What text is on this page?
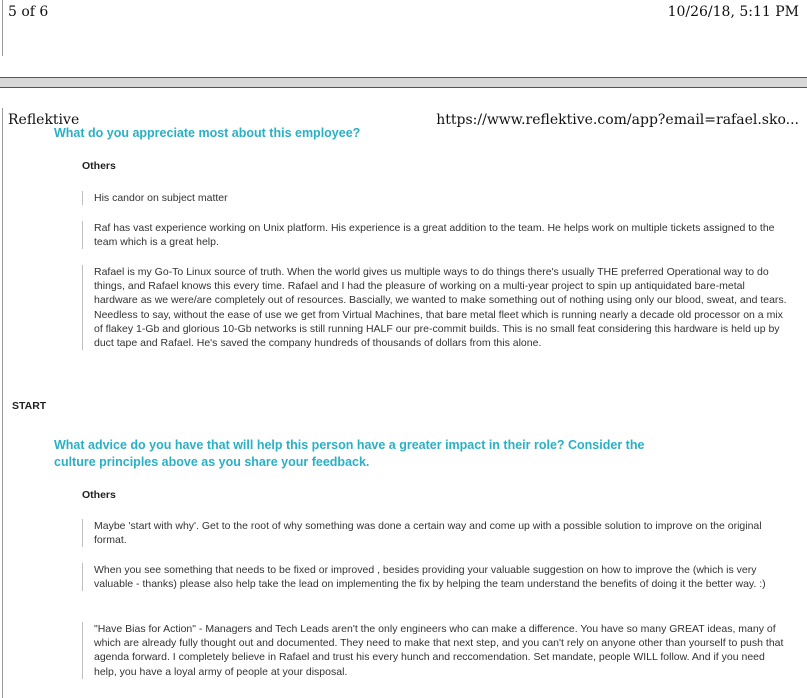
5 of 6	10/26/18, 5:11 PM
Reflektive	https://www.reflektive.com/app?email=rafael.sko...
What do you appreciate most about this employee?
Others
His candor on subject matter
Raf has vast experience working on Unix platform. His experience is a great addition to the team. He helps work on multiple tickets assigned to the team which is a great help.
Rafael is my Go-To Linux source of truth. When the world gives us multiple ways to do things there's usually THE preferred Operational way to do things, and Rafael knows this every time. Rafael and I had the pleasure of working on a multi-year project to spin up antiquidated bare-metal hardware as we were/are completely out of resources. Bascially, we wanted to make something out of nothing using only our blood, sweat, and tears. Needless to say, without the ease of use we get from Virtual Machines, that bare metal fleet which is running nearly a decade old processor on a mix of flakey 1-Gb and glorious 10-Gb networks is still running HALF our pre-commit builds. This is no small feat considering this hardware is held up by duct tape and Rafael. He's saved the company hundreds of thousands of dollars from this alone.
START
What advice do you have that will help this person have a greater impact in their role? Consider the culture principles above as you share your feedback.
Others
Maybe 'start with why'. Get to the root of why something was done a certain way and come up with a possible solution to improve on the original format.
When you see something that needs to be fixed or improved , besides providing your valuable suggestion on how to improve the (which is very valuable - thanks) please also help take the lead on implementing the fix by helping the team understand the benefits of doing it the better way. :)
"Have Bias for Action" - Managers and Tech Leads aren't the only engineers who can make a difference. You have so many GREAT ideas, many of which are already fully thought out and documented. They need to make that next step, and you can't rely on anyone other than yourself to push that agenda forward. I completely believe in Rafael and trust his every hunch and reccomendation. Set mandate, people WILL follow. And if you need help, you have a loyal army of people at your disposal.
